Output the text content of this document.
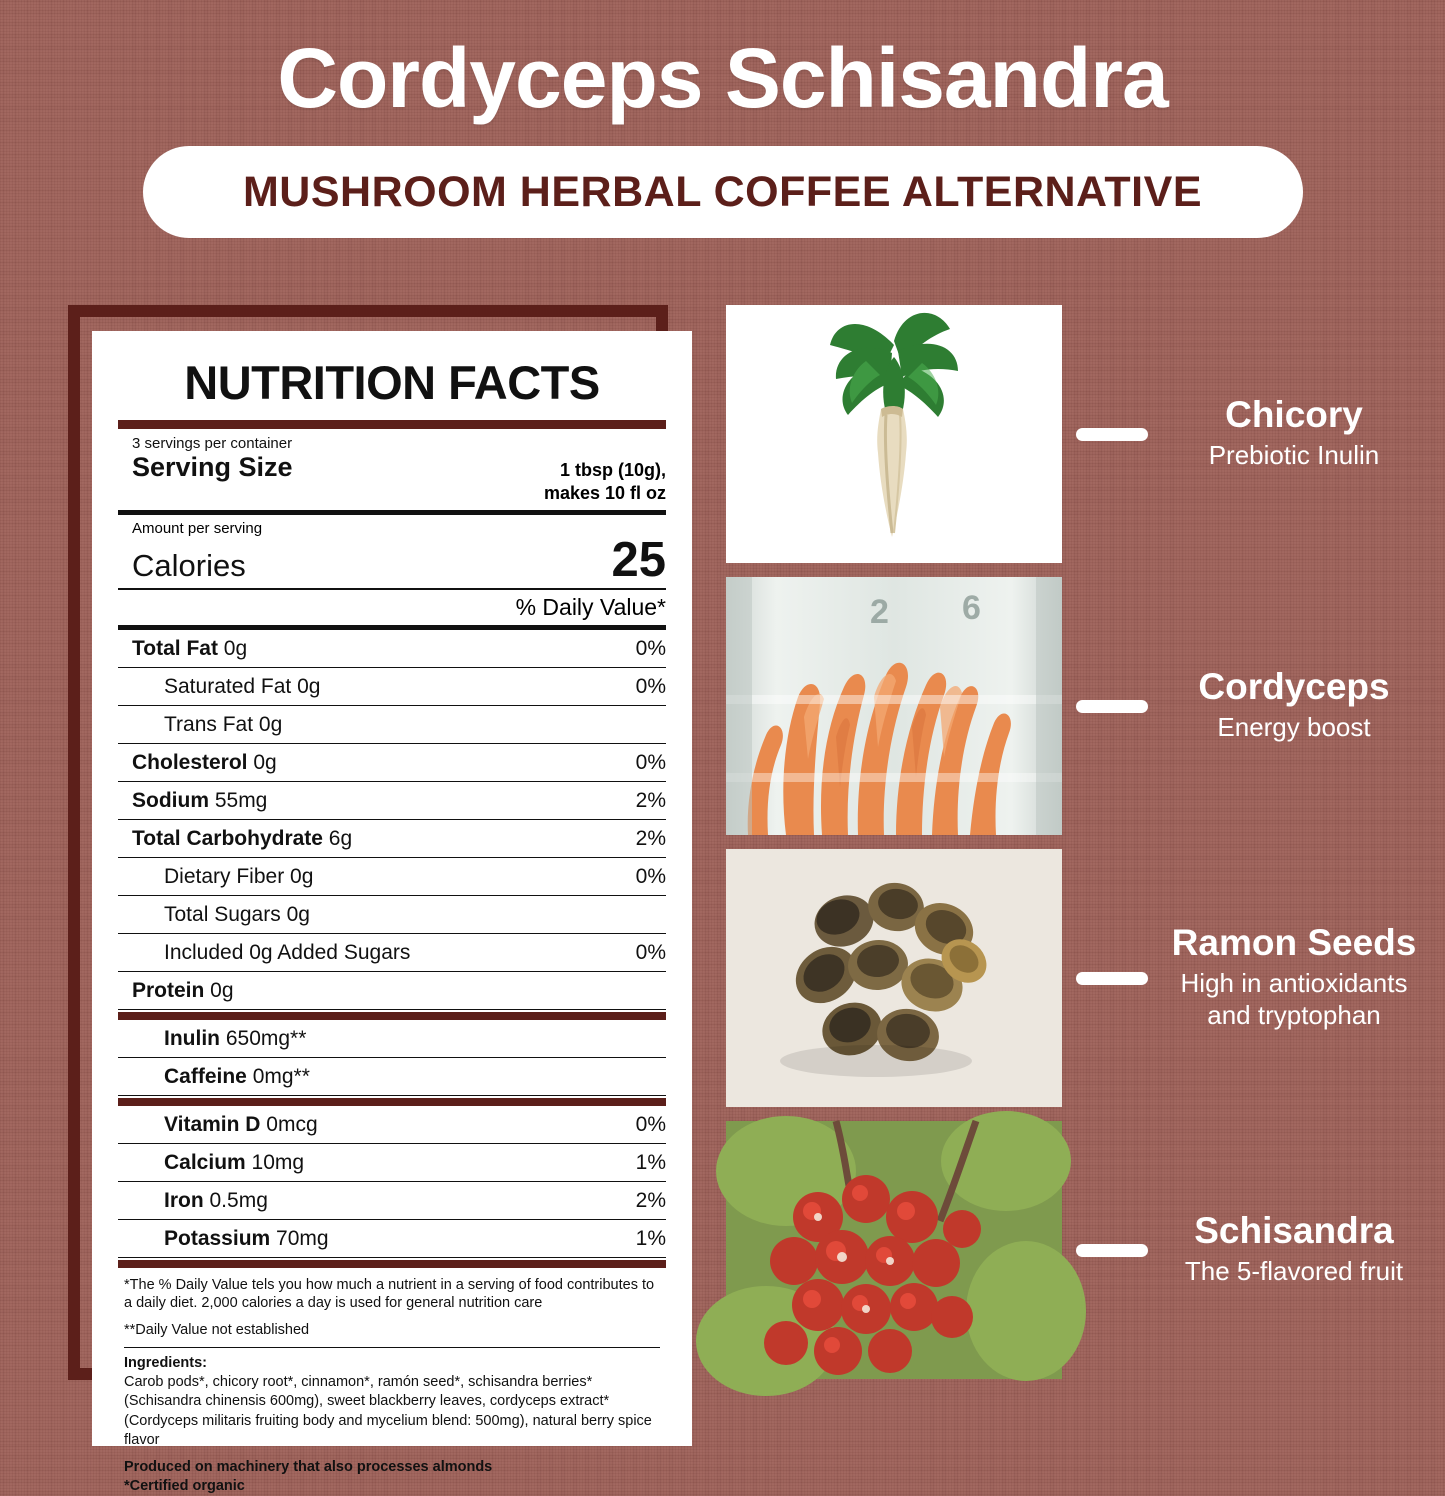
Cordyceps Schisandra
MUSHROOM HERBAL COFFEE ALTERNATIVE
NUTRITION FACTS
3 servings per container
Serving Size	1 tbsp (10g),
makes 10 fl oz
Amount per serving
Calories	25
% Daily Value*
Total Fat 0g	0%
Saturated Fat 0g	0%
Trans Fat 0g
Cholesterol 0g	0%
Sodium 55mg	2%
Total Carbohydrate 6g	2%
Dietary Fiber 0g	0%
Total Sugars 0g
Included 0g Added Sugars	0%
Protein 0g
Inulin 650mg**
Caffeine 0mg**
Vitamin D 0mcg	0%
Calcium 10mg	1%
Iron 0.5mg	2%
Potassium 70mg	1%
*The % Daily Value tels you how much a nutrient in a serving of food contributes to a daily diet. 2,000 calories a day is used for general nutrition care
**Daily Value not established
Ingredients:
Carob pods*, chicory root*, cinnamon*, ramón seed*, schisandra berries* (Schisandra chinensis 600mg), sweet blackberry leaves, cordyceps extract* (Cordyceps militaris fruiting body and mycelium blend: 500mg), natural berry spice flavor
Produced on machinery that also processes almonds
*Certified organic
Chicory
Prebiotic Inulin
2 6
Cordyceps
Energy boost
Ramon Seeds
High in antioxidants and tryptophan
Schisandra
The 5-flavored fruit
